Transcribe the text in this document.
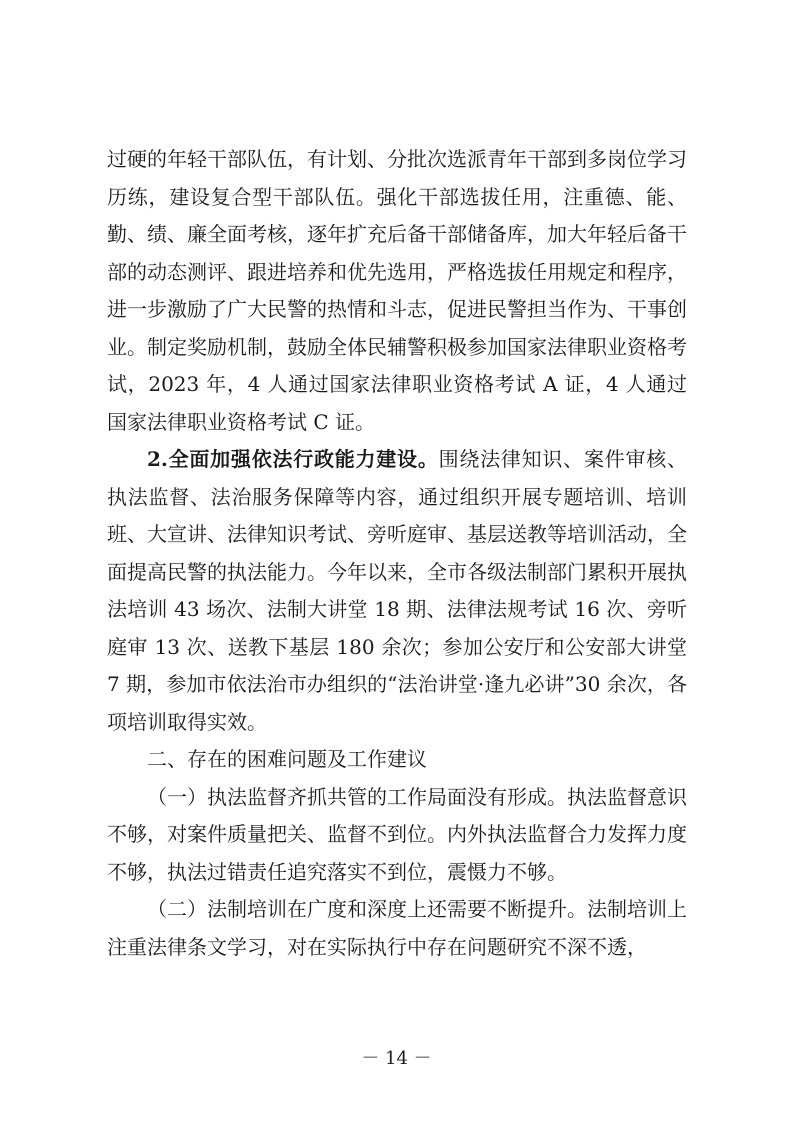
过硬的年轻干部队伍，有计划、分批次选派青年干部到多岗位学习历练，建设复合型干部队伍。强化干部选拔任用，注重德、能、勤、绩、廉全面考核，逐年扩充后备干部储备库，加大年轻后备干部的动态测评、跟进培养和优先选用，严格选拔任用规定和程序，进一步激励了广大民警的热情和斗志，促进民警担当作为、干事创业。制定奖励机制，鼓励全体民辅警积极参加国家法律职业资格考试，2023 年，4 人通过国家法律职业资格考试 A 证，4 人通过国家法律职业资格考试 C 证。

2.全面加强依法行政能力建设。围绕法律知识、案件审核、执法监督、法治服务保障等内容，通过组织开展专题培训、培训班、大宣讲、法律知识考试、旁听庭审、基层送教等培训活动，全面提高民警的执法能力。今年以来，全市各级法制部门累积开展执法培训 43 场次、法制大讲堂 18 期、法律法规考试 16 次、旁听庭审 13 次、送教下基层 180 余次；参加公安厅和公安部大讲堂 7 期，参加市依法治市办组织的“法治讲堂·逢九必讲”30 余次，各项培训取得实效。

二、存在的困难问题及工作建议

（一）执法监督齐抓共管的工作局面没有形成。执法监督意识不够，对案件质量把关、监督不到位。内外执法监督合力发挥力度不够，执法过错责任追究落实不到位，震慑力不够。

（二）法制培训在广度和深度上还需要不断提升。法制培训上注重法律条文学习，对在实际执行中存在问题研究不深不透，

－ 14 －
